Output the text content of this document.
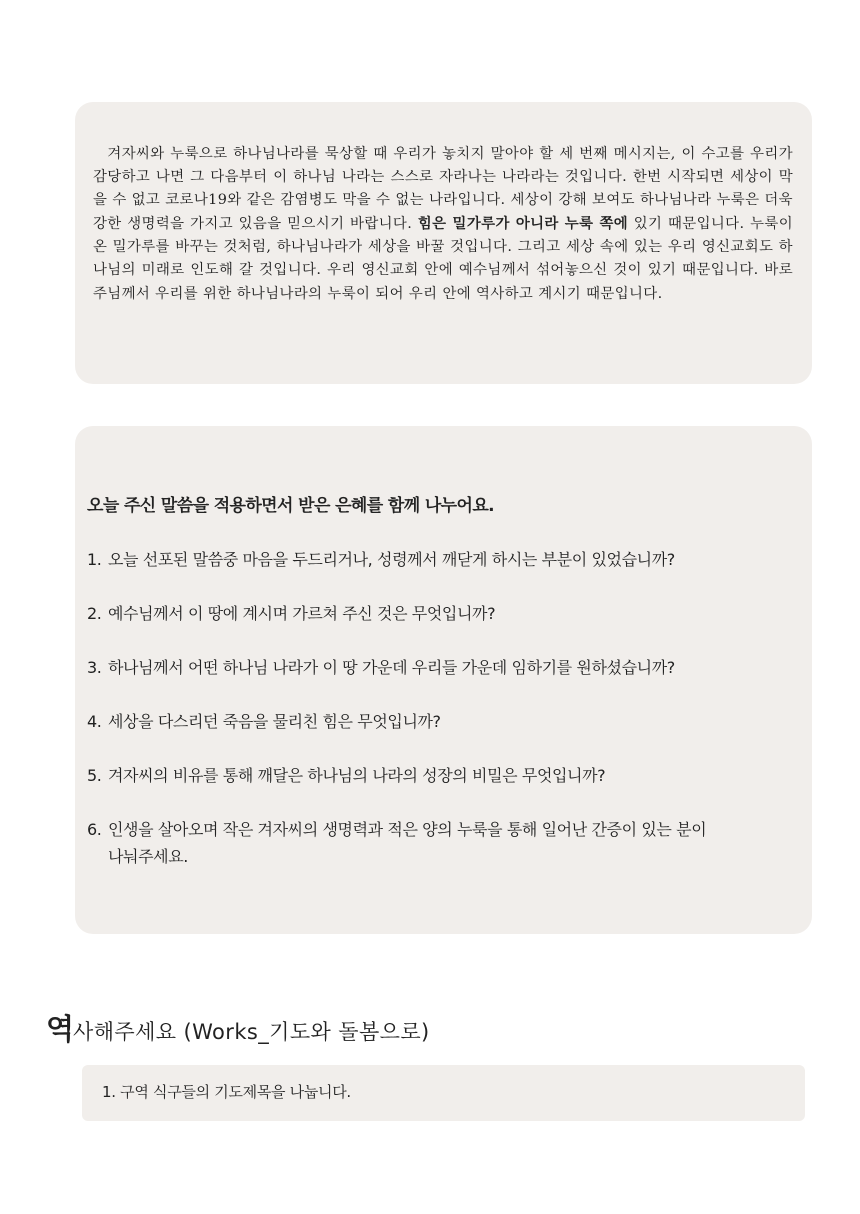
겨자씨와 누룩으로 하나님나라를 묵상할 때 우리가 놓치지 말아야 할 세 번째 메시지는, 이 수고를 우리가 감당하고 나면 그 다음부터 이 하나님 나라는 스스로 자라나는 나라라는 것입니다. 한번 시작되면 세상이 막을 수 없고 코로나19와 같은 감염병도 막을 수 없는 나라입니다. 세상이 강해 보여도 하나님나라 누룩은 더욱 강한 생명력을 가지고 있음을 믿으시기 바랍니다. 힘은 밀가루가 아니라 누룩 쪽에 있기 때문입니다. 누룩이 온 밀가루를 바꾸는 것처럼, 하나님나라가 세상을 바꿀 것입니다. 그리고 세상 속에 있는 우리 영신교회도 하나님의 미래로 인도해 갈 것입니다. 우리 영신교회 안에 예수님께서 섞어놓으신 것이 있기 때문입니다. 바로 주님께서 우리를 위한 하나님나라의 누룩이 되어 우리 안에 역사하고 계시기 때문입니다.

오늘 주신 말씀을 적용하면서 받은 은혜를 함께 나누어요.
1. 오늘 선포된 말씀중 마음을 두드리거나, 성령께서 깨닫게 하시는 부분이 있었습니까?
2. 예수님께서 이 땅에 계시며 가르쳐 주신 것은 무엇입니까?
3. 하나님께서 어떤 하나님 나라가 이 땅 가운데 우리들 가운데 임하기를 원하셨습니까?
4. 세상을 다스리던 죽음을 물리친 힘은 무엇입니까?
5. 겨자씨의 비유를 통해 깨달은 하나님의 나라의 성장의 비밀은 무엇입니까?
6. 인생을 살아오며 작은 겨자씨의 생명력과 적은 양의 누룩을 통해 일어난 간증이 있는 분이
나눠주세요.
역사해주세요 (Works_기도와 돌봄으로)
1. 구역 식구들의 기도제목을 나눕니다.
